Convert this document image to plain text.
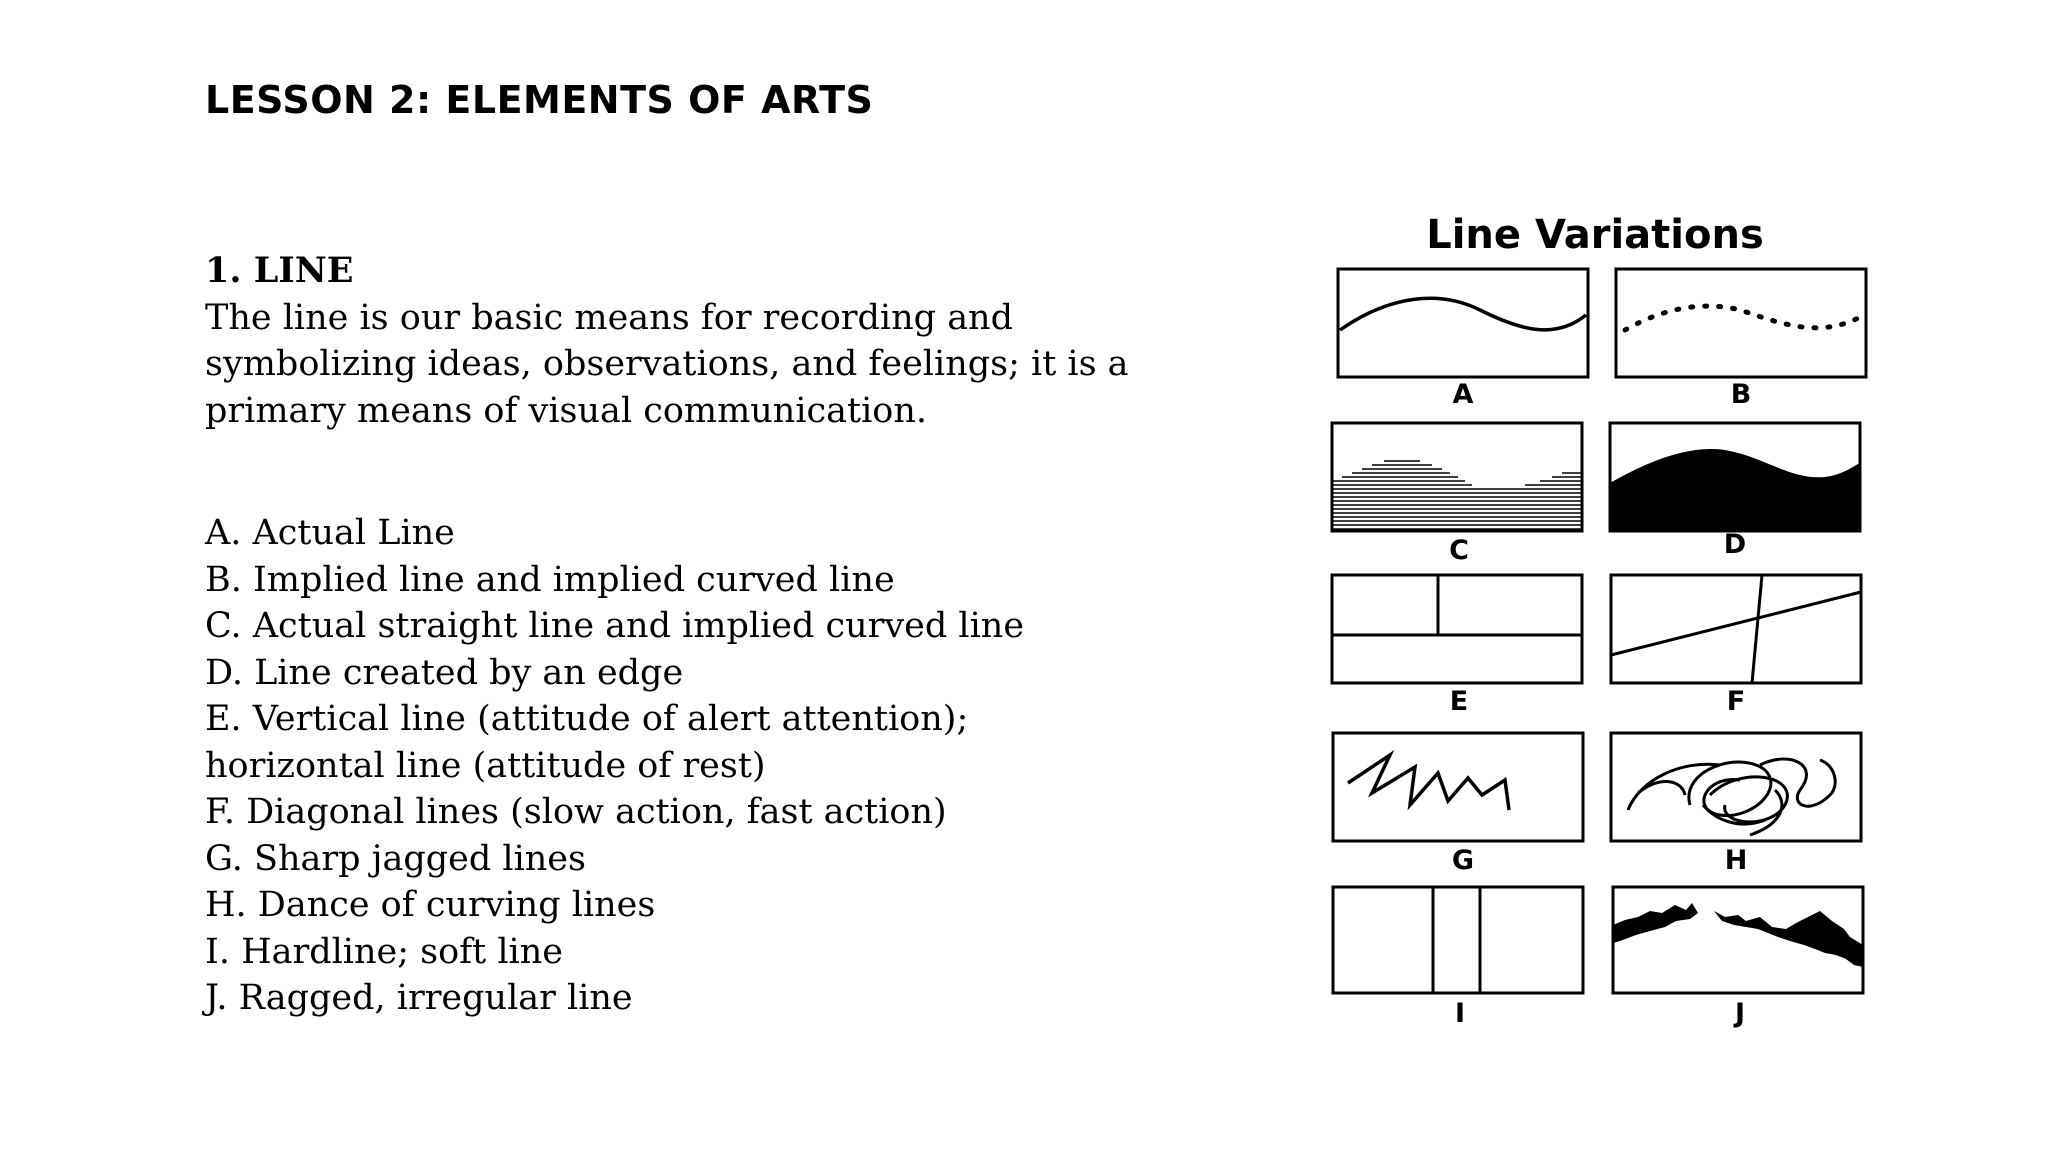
LESSON 2: ELEMENTS OF ARTS

1. LINE

The line is our basic means for recording and
symbolizing ideas, observations, and feelings; it is a
primary means of visual communication.

A. Actual Line
B. Implied line and implied curved line
C. Actual straight line and implied curved line
D. Line created by an edge
E. Vertical line (attitude of alert attention);
horizontal line (attitude of rest)
F. Diagonal lines (slow action, fast action)
G. Sharp jagged lines
H. Dance of curving lines
I. Hardline; soft line
J. Ragged, irregular line
Line Variations
A	B
C	D
E	F
G	H
I	J
